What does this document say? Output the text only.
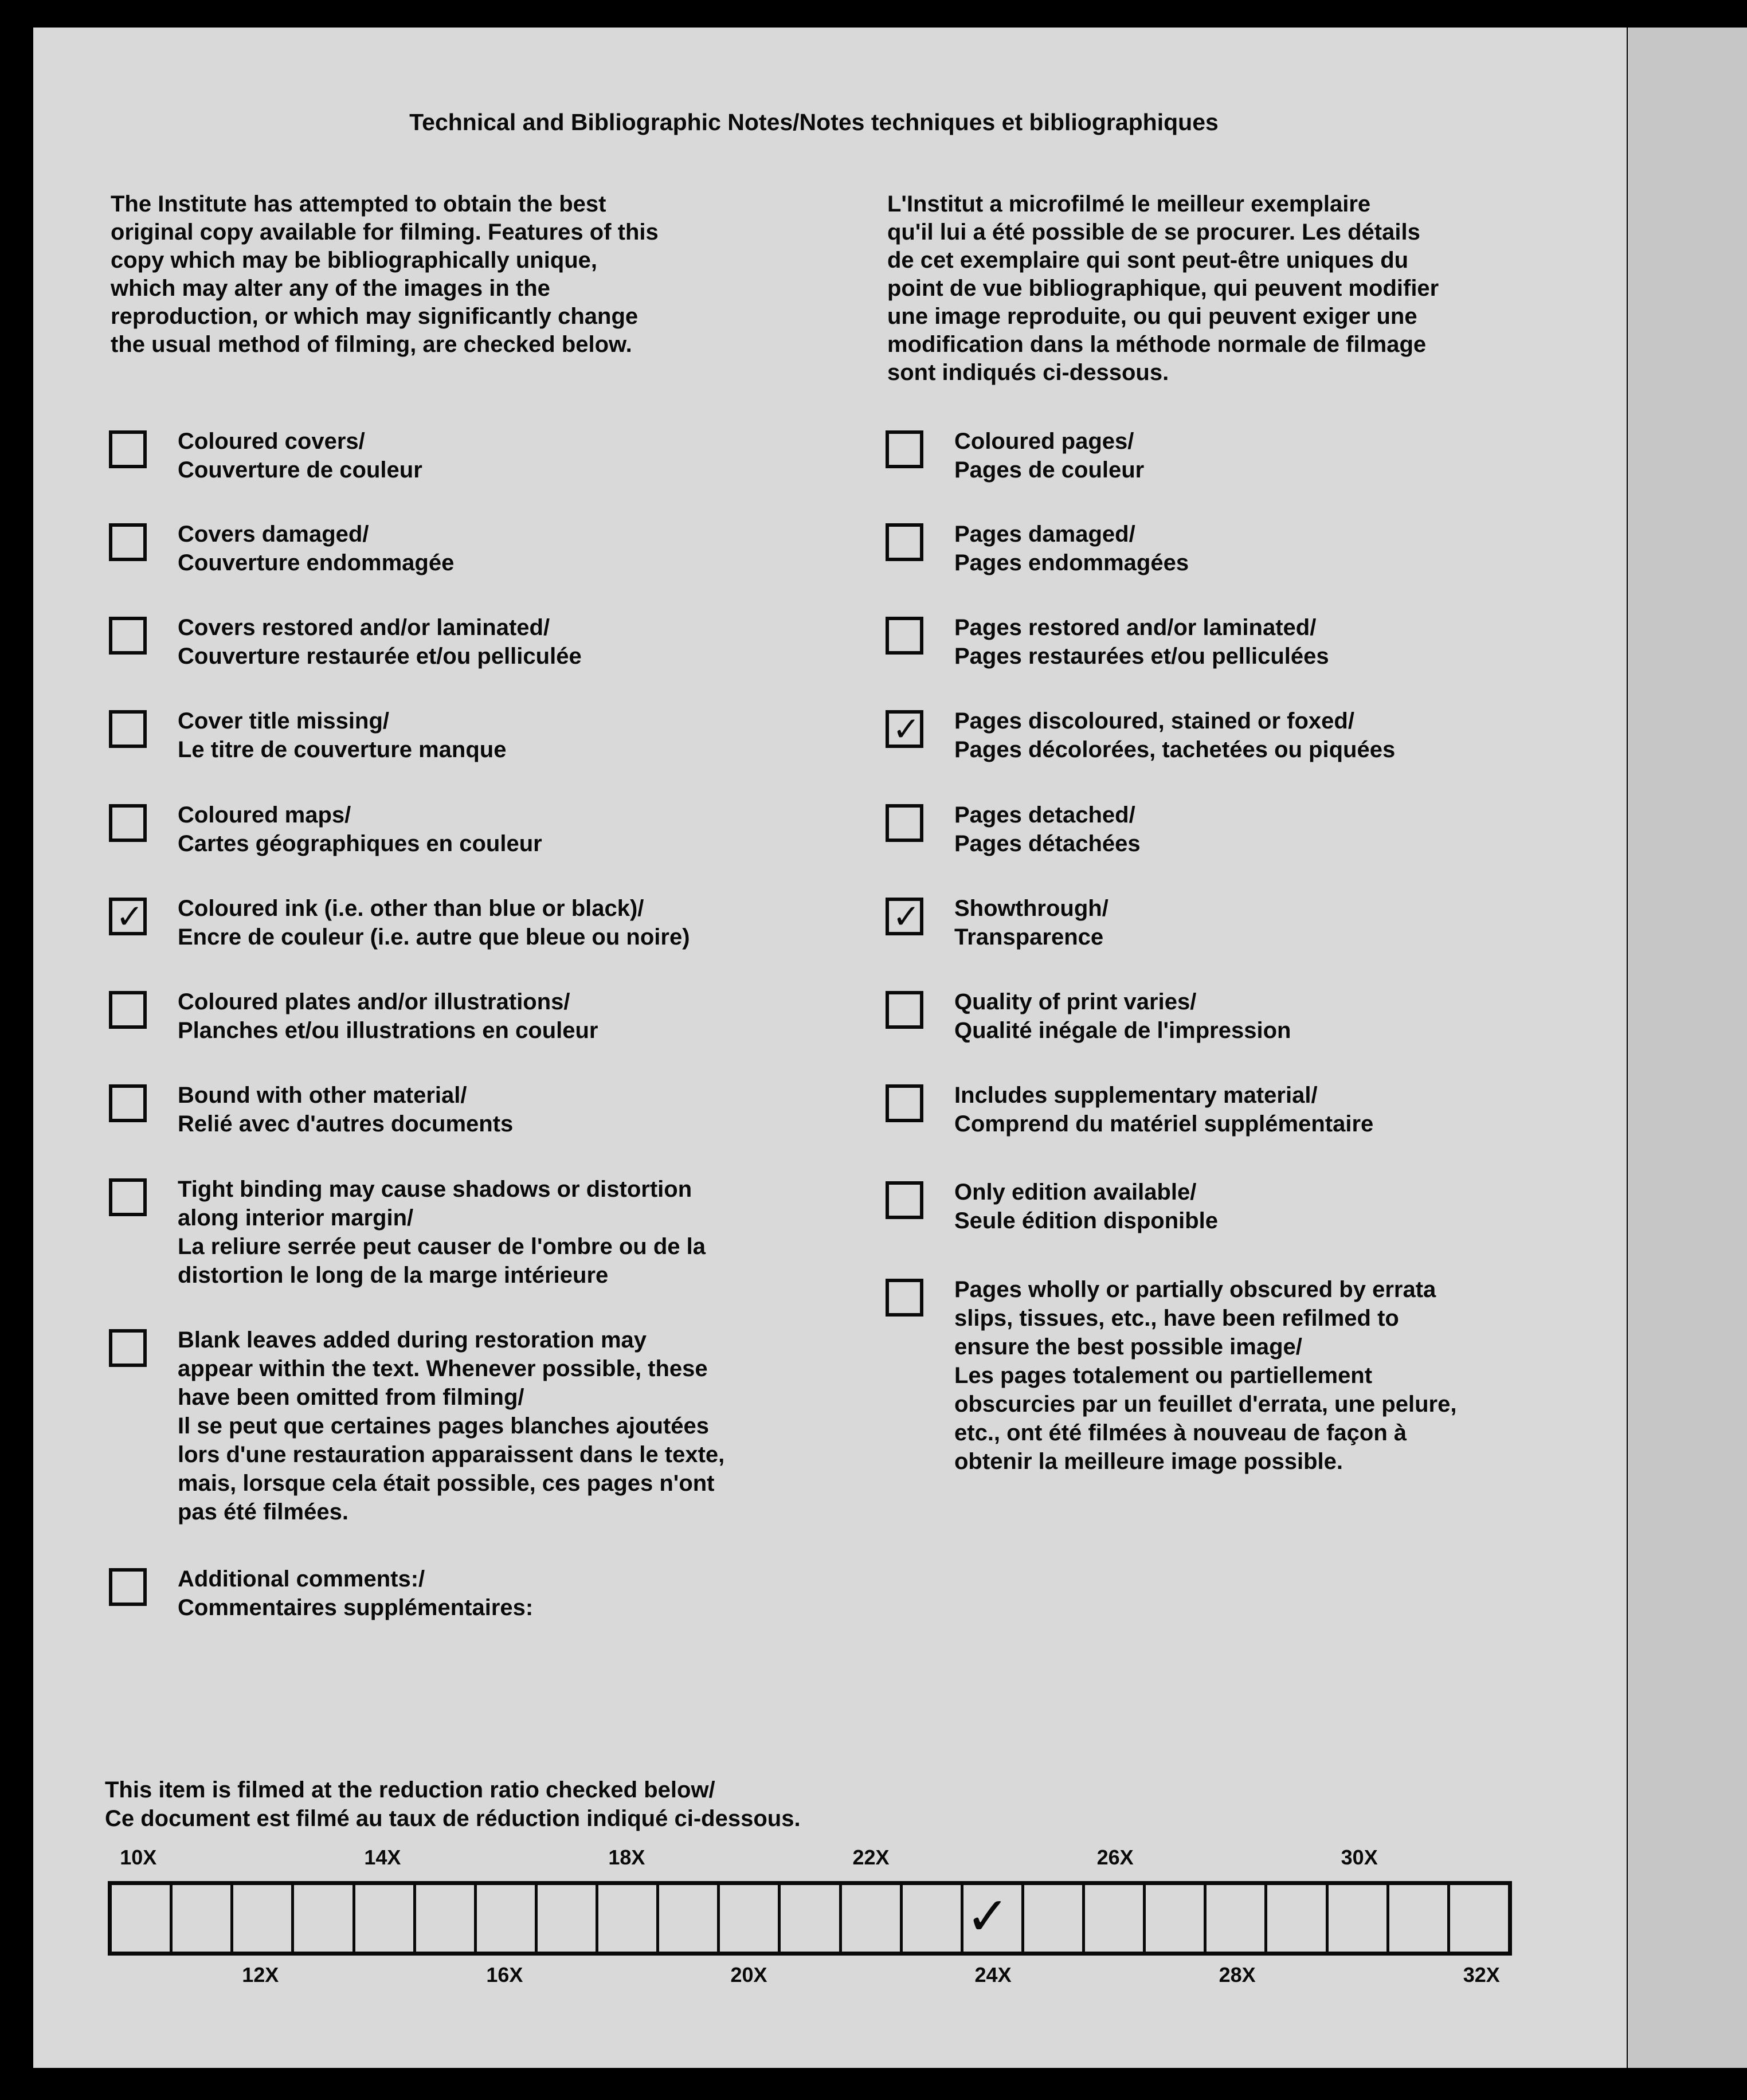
Technical and Bibliographic Notes/Notes techniques et bibliographiques
The Institute has attempted to obtain the best
original copy available for filming. Features of this
copy which may be bibliographically unique,
which may alter any of the images in the
reproduction, or which may significantly change
the usual method of filming, are checked below.
L'Institut a microfilmé le meilleur exemplaire
qu'il lui a été possible de se procurer. Les détails
de cet exemplaire qui sont peut-être uniques du
point de vue bibliographique, qui peuvent modifier
une image reproduite, ou qui peuvent exiger une
modification dans la méthode normale de filmage
sont indiqués ci-dessous.
Coloured covers/
Couverture de couleur
Covers damaged/
Couverture endommagée
Covers restored and/or laminated/
Couverture restaurée et/ou pelliculée
Cover title missing/
Le titre de couverture manque
Coloured maps/
Cartes géographiques en couleur
✓ Coloured ink (i.e. other than blue or black)/
Encre de couleur (i.e. autre que bleue ou noire)
Coloured plates and/or illustrations/
Planches et/ou illustrations en couleur
Bound with other material/
Relié avec d'autres documents
Tight binding may cause shadows or distortion
along interior margin/
La reliure serrée peut causer de l'ombre ou de la
distortion le long de la marge intérieure
Blank leaves added during restoration may
appear within the text. Whenever possible, these
have been omitted from filming/
Il se peut que certaines pages blanches ajoutées
lors d'une restauration apparaissent dans le texte,
mais, lorsque cela était possible, ces pages n'ont
pas été filmées.
Additional comments:/
Commentaires supplémentaires:
Coloured pages/
Pages de couleur
Pages damaged/
Pages endommagées
Pages restored and/or laminated/
Pages restaurées et/ou pelliculées
✓ Pages discoloured, stained or foxed/
Pages décolorées, tachetées ou piquées
Pages detached/
Pages détachées
✓ Showthrough/
Transparence
Quality of print varies/
Qualité inégale de l'impression
Includes supplementary material/
Comprend du matériel supplémentaire
Only edition available/
Seule édition disponible
Pages wholly or partially obscured by errata
slips, tissues, etc., have been refilmed to
ensure the best possible image/
Les pages totalement ou partiellement
obscurcies par un feuillet d'errata, une pelure,
etc., ont été filmées à nouveau de façon à
obtenir la meilleure image possible.
This item is filmed at the reduction ratio checked below/
Ce document est filmé au taux de réduction indiqué ci-dessous.
10X	14X	18X	22X	26X	30X
12X	16X	20X	24X	28X	32X
✓
